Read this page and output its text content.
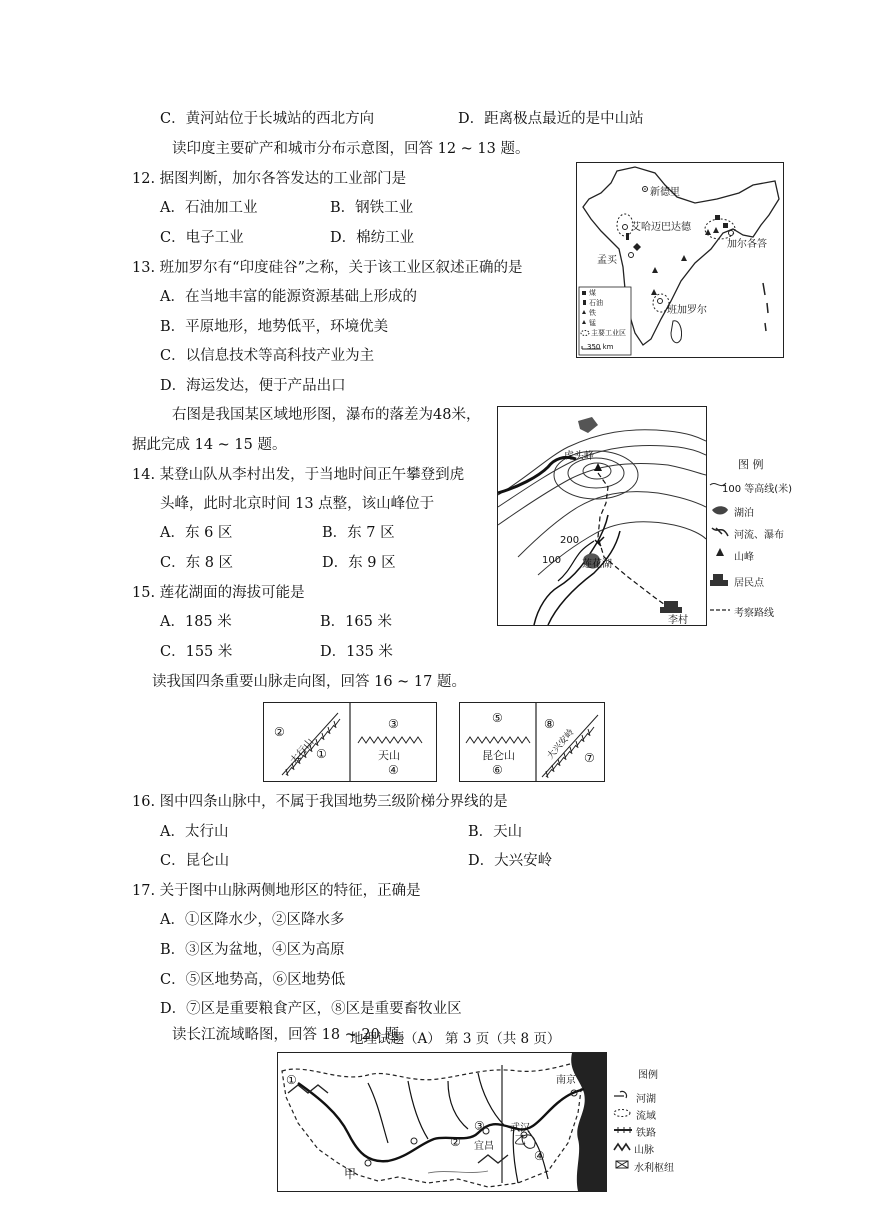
C．黄河站位于长城站的西北方向	D．距离极点最近的是中山站
读印度主要矿产和城市分布示意图，回答 12 ~ 13 题。
12. 据图判断，加尔各答发达的工业部门是
A．石油加工业	B．钢铁工业
C．电子工业	D．棉纺工业
13. 班加罗尔有“印度硅谷”之称，关于该工业区叙述正确的是
A．在当地丰富的能源资源基础上形成的
B．平原地形，地势低平，环境优美
C．以信息技术等高科技产业为主
D．海运发达，便于产品出口
新德里
艾哈迈巴达德
加尔各答
孟买
班加罗尔
煤
石油
铁
锰
主要工业区
350 km
右图是我国某区域地形图，瀑布的落差为48米，
据此完成 14 ~ 15 题。
14. 某登山队从李村出发，于当地时间正午攀登到虎
头峰，此时北京时间 13 点整，该山峰位于
A．东 6 区	B．东 7 区
C．东 8 区	D．东 9 区
15. 莲花湖面的海拔可能是
A．185 米	B．165 米
C．155 米	D．135 米
虎头峰
200
100 莲花湖
李村
图 例
100 等高线(米)
湖泊
河流、瀑布
山峰
居民点
考察路线
读我国四条重要山脉走向图，回答 16 ~ 17 题。
②
①
太行山
③
天山
④
⑤
昆仑山
⑥
⑧
大兴安岭 ⑦
16. 图中四条山脉中，不属于我国地势三级阶梯分界线的是
A．太行山	B．天山
C．昆仑山	D．大兴安岭
17. 关于图中山脉两侧地形区的特征，正确是
A．①区降水少，②区降水多
B．③区为盆地，④区为高原
C．⑤区地势高，⑥区地势低
D．⑦区是重要粮食产区，⑧区是重要畜牧业区
读长江流域略图，回答 18 ~ 20 题。
地理试题（A） 第 3 页（共 8 页）
①
②
③
④
甲
乙
宜昌
武汉
南京	图例
河湖
流域
铁路
山脉
水利枢纽
